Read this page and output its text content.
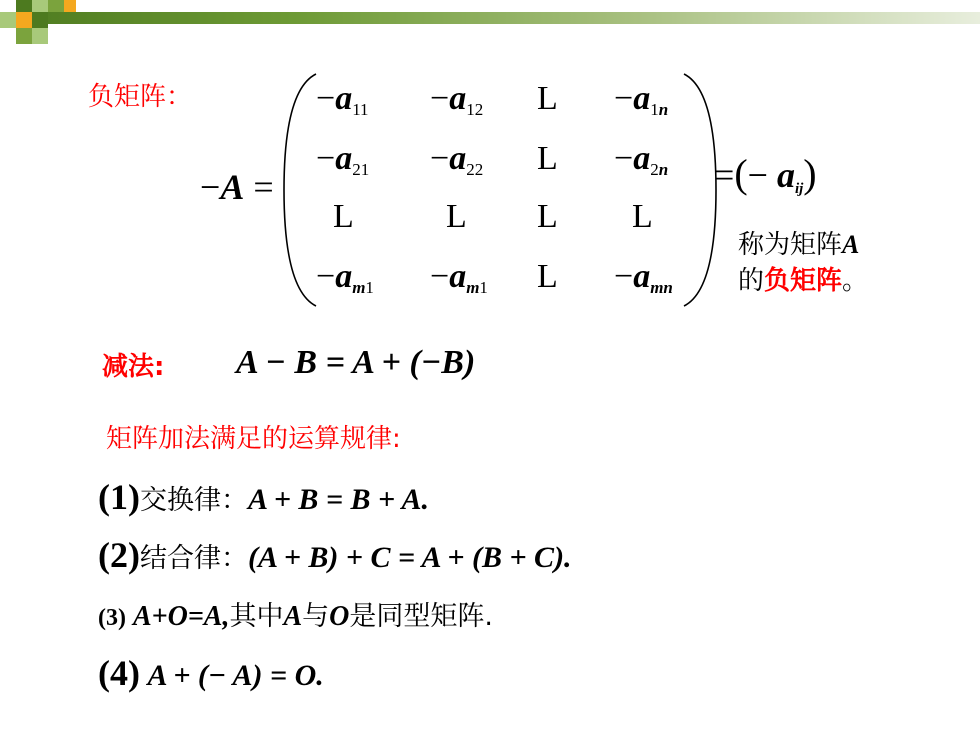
负矩阵：
−A =
$-a_{11} -a_{12}$ $L -a_1n$
$-a_{21} -a_{22}$ $L -a_2n$
L	L L L
$-am_1 -am_1$ L −amn
=(− aij)
称为矩阵A
的负矩阵。
减法: A − B = A + (−B)
矩阵加法满足的运算规律:
(1)交换律：A + B = B + A.
(2)结合律：(A + B) + C = A + (B + C).
(3) A+O=A,其中A与O是同型矩阵.
(4) A + (− A) = O.
